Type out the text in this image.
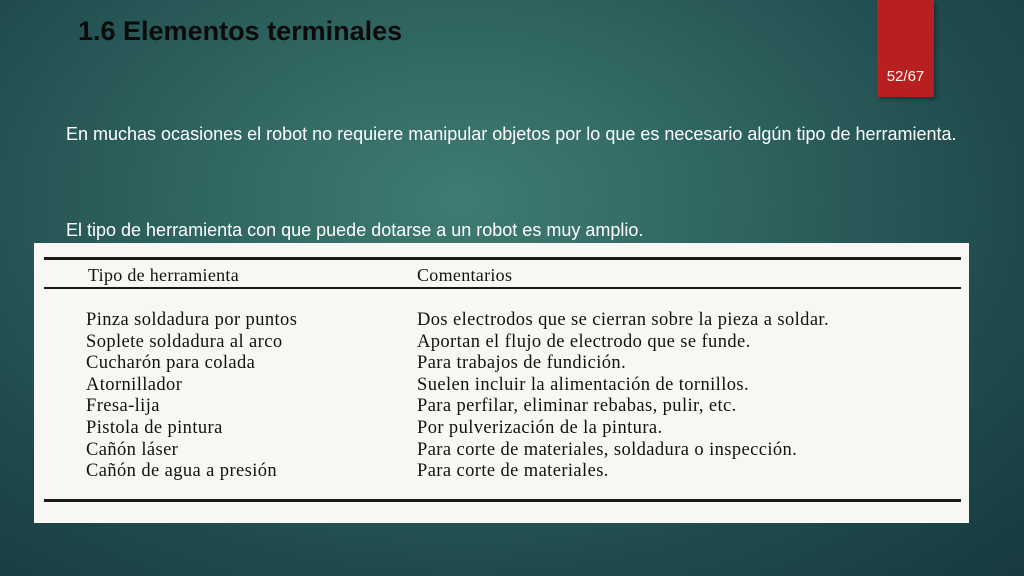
1.6 Elementos terminales
52/67
En muchas ocasiones el robot no requiere manipular objetos por lo que es necesario algún tipo de herramienta.
El tipo de herramienta con que puede dotarse a un robot es muy amplio.
Tipo de herramienta	Comentarios
Pinza soldadura por puntos
Soplete soldadura al arco
Cucharón para colada
Atornillador
Fresa-lija
Pistola de pintura
Cañón láser
Cañón de agua a presión
Dos electrodos que se cierran sobre la pieza a soldar.
Aportan el flujo de electrodo que se funde.
Para trabajos de fundición.
Suelen incluir la alimentación de tornillos.
Para perfilar, eliminar rebabas, pulir, etc.
Por pulverización de la pintura.
Para corte de materiales, soldadura o inspección.
Para corte de materiales.
